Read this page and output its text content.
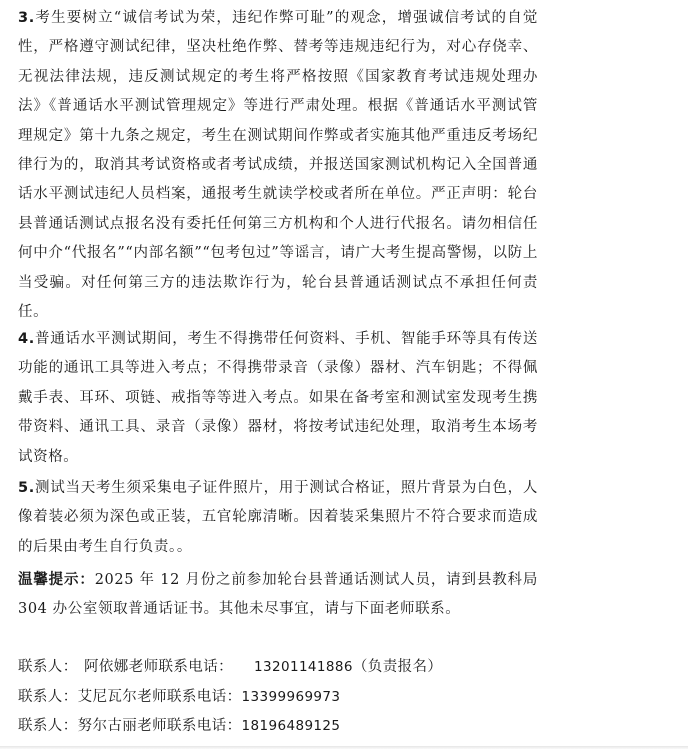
3.考生要树立“诚信考试为荣，违纪作弊可耻”的观念，增强诚信考试的自觉性，严格遵守测试纪律，坚决杜绝作弊、替考等违规违纪行为，对心存侥幸、无视法律法规，违反测试规定的考生将严格按照《国家教育考试违规处理办法》《普通话水平测试管理规定》等进行严肃处理。根据《普通话水平测试管理规定》第十九条之规定，考生在测试期间作弊或者实施其他严重违反考场纪律行为的，取消其考试资格或者考试成绩，并报送国家测试机构记入全国普通话水平测试违纪人员档案，通报考生就读学校或者所在单位。严正声明：轮台县普通话测试点报名没有委托任何第三方机构和个人进行代报名。请勿相信任何中介“代报名”“内部名额”“包考包过”等谣言，请广大考生提高警惕，以防上当受骗。对任何第三方的违法欺诈行为，轮台县普通话测试点不承担任何责任。

4.普通话水平测试期间，考生不得携带任何资料、手机、智能手环等具有传送功能的通讯工具等进入考点；不得携带录音（录像）器材、汽车钥匙；不得佩戴手表、耳环、项链、戒指等等进入考点。如果在备考室和测试室发现考生携带资料、通讯工具、录音（录像）器材，将按考试违纪处理，取消考生本场考试资格。

5.测试当天考生须采集电子证件照片，用于测试合格证，照片背景为白色，人像着装必须为深色或正装，五官轮廓清晰。因着装采集照片不符合要求而造成的后果由考生自行负责。。

温馨提示：2025 年 12 月份之前参加轮台县普通话测试人员，请到县教科局 304 办公室领取普通话证书。其他未尽事宜，请与下面老师联系。

联系人： 阿依娜老师联系电话： 13201141886（负责报名）
联系人：艾尼瓦尔老师联系电话：13399969973
联系人：努尔古丽老师联系电话：18196489125
